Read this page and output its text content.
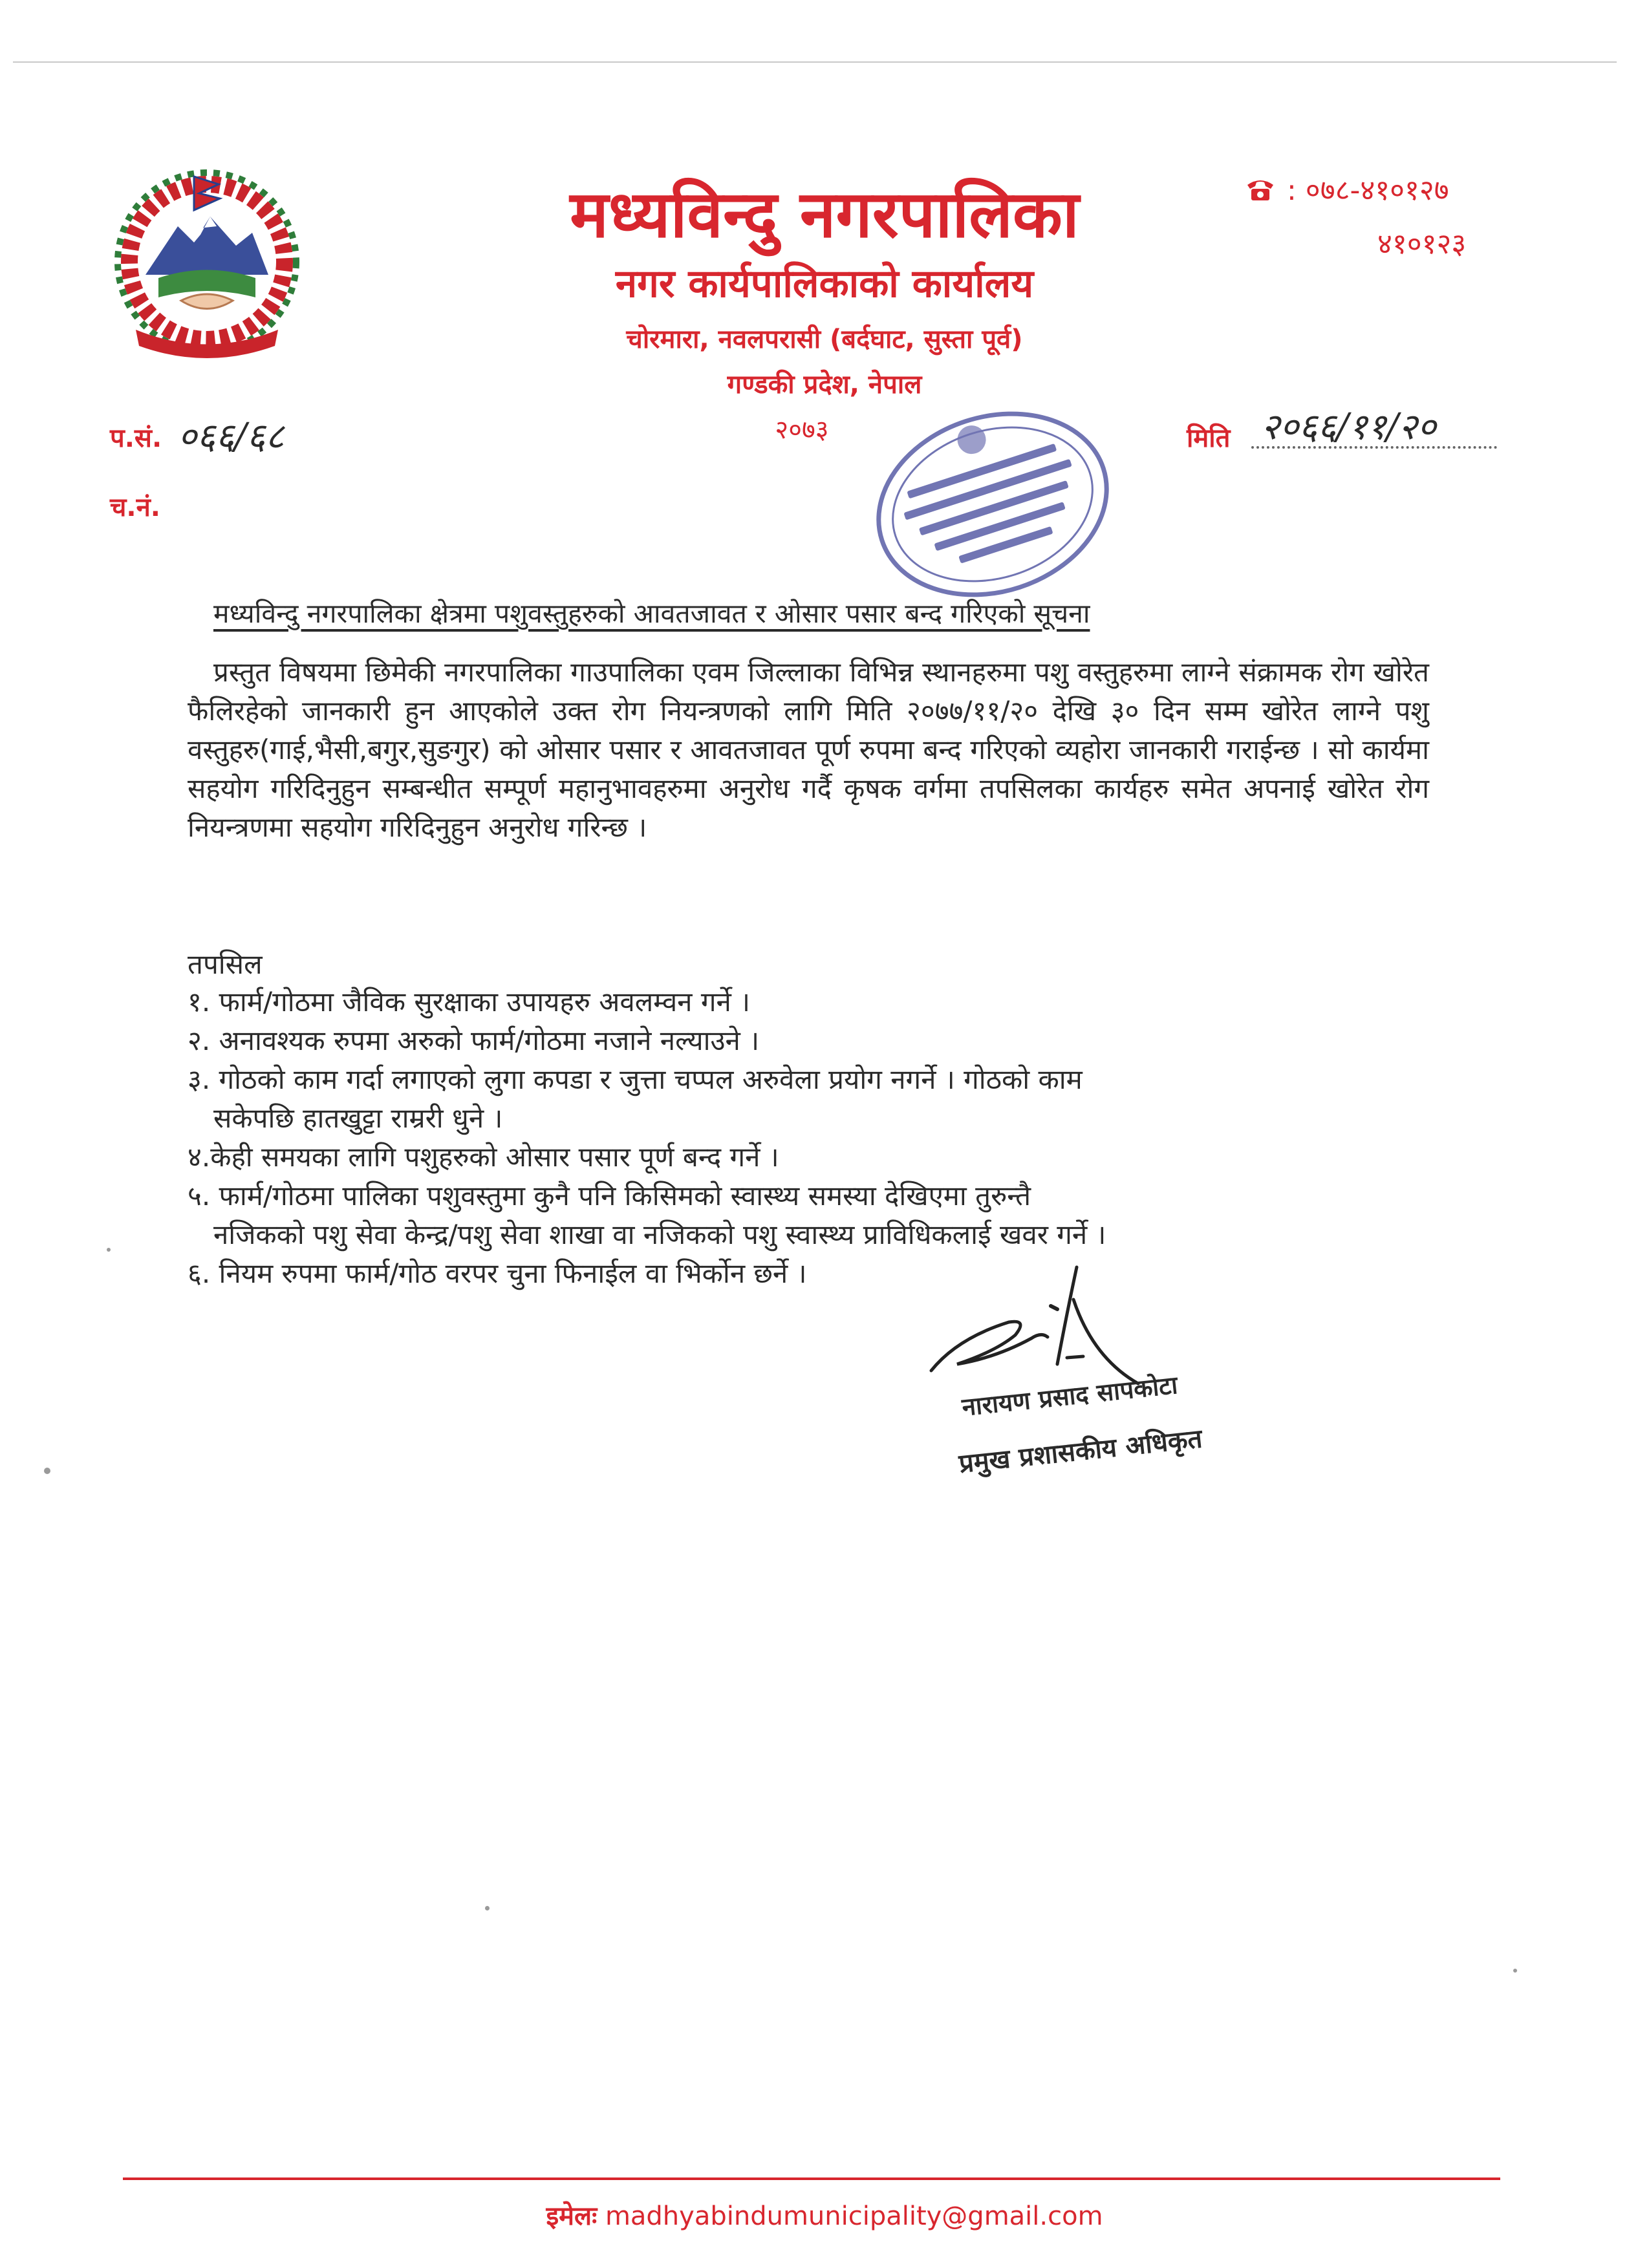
मध्यविन्दु नगरपालिका
नगर कार्यपालिकाको कार्यालय
चोरमारा, नवलपरासी (बर्दघाट, सुस्ता पूर्व)
गण्डकी प्रदेश, नेपाल
२०७३
: ०७८-४१०१२७
४१०१२३
प.सं. ०६६/६८
च.नं.
मिति २०६६/११/२०
मध्यविन्दु नगरपालिका क्षेत्रमा पशुवस्तुहरुको आवतजावत र ओसार पसार बन्द गरिएको सूचना

प्रस्तुत विषयमा छिमेकी नगरपालिका गाउपालिका एवम जिल्लाका विभिन्न स्थानहरुमा पशु वस्तुहरुमा लाग्ने संक्रामक रोग खोरेत फैलिरहेको जानकारी हुन आएकोले उक्त रोग नियन्त्रणको लागि मिति २०७७/११/२० देखि ३० दिन सम्म खोरेत लाग्ने पशु वस्तुहरु(गाई,भैसी,बगुर,सुङगुर) को ओसार पसार र आवतजावत पूर्ण रुपमा बन्द गरिएको व्यहोरा जानकारी गराईन्छ । सो कार्यमा सहयोग गरिदिनुहुन सम्बन्धीत सम्पूर्ण महानुभावहरुमा अनुरोध गर्दै कृषक वर्गमा तपसिलका कार्यहरु समेत अपनाई खोरेत रोग नियन्त्रणमा सहयोग गरिदिनुहुन अनुरोध गरिन्छ ।

तपसिल
१. फार्म/गोठमा जैविक सुरक्षाका उपायहरु अवलम्वन गर्ने ।
२. अनावश्यक रुपमा अरुको फार्म/गोठमा नजाने नल्याउने ।
३. गोठको काम गर्दा लगाएको लुगा कपडा र जुत्ता चप्पल अरुवेला प्रयोग नगर्ने । गोठको काम
सकेपछि हातखुट्टा राम्ररी धुने ।
४.केही समयका लागि पशुहरुको ओसार पसार पूर्ण बन्द गर्ने ।
५. फार्म/गोठमा पालिका पशुवस्तुमा कुनै पनि किसिमको स्वास्थ्य समस्या देखिएमा तुरुन्तै
नजिकको पशु सेवा केन्द्र/पशु सेवा शाखा वा नजिकको पशु स्वास्थ्य प्राविधिकलाई खवर गर्ने ।
६. नियम रुपमा फार्म/गोठ वरपर चुना फिनाईल वा भिर्कोन छर्ने ।
नारायण प्रसाद सापकोटा
प्रमुख प्रशासकीय अधिकृत
इमेलः madhyabindumunicipality@gmail.com
